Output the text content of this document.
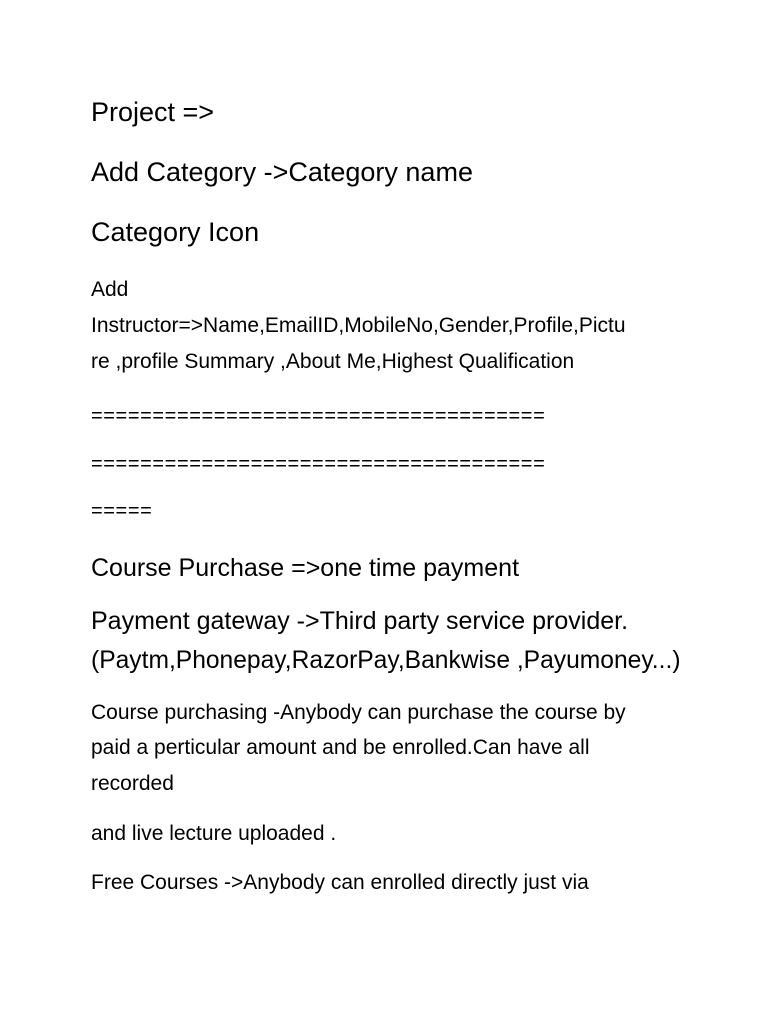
Project =>

Add Category ->Category name

Category Icon

Add

Instructor=>Name,EmailID,MobileNo,Gender,Profile,Pictu

re ,profile Summary ,About Me,Highest Qualification

=====================================

=====================================

=====

Course Purchase =>one time payment

Payment gateway ->Third party service provider.

(Paytm,Phonepay,RazorPay,Bankwise ,Payumoney...)

Course purchasing -Anybody can purchase the course by

paid a perticular amount and be enrolled.Can have all

recorded

and live lecture uploaded .

Free Courses ->Anybody can enrolled directly just via
